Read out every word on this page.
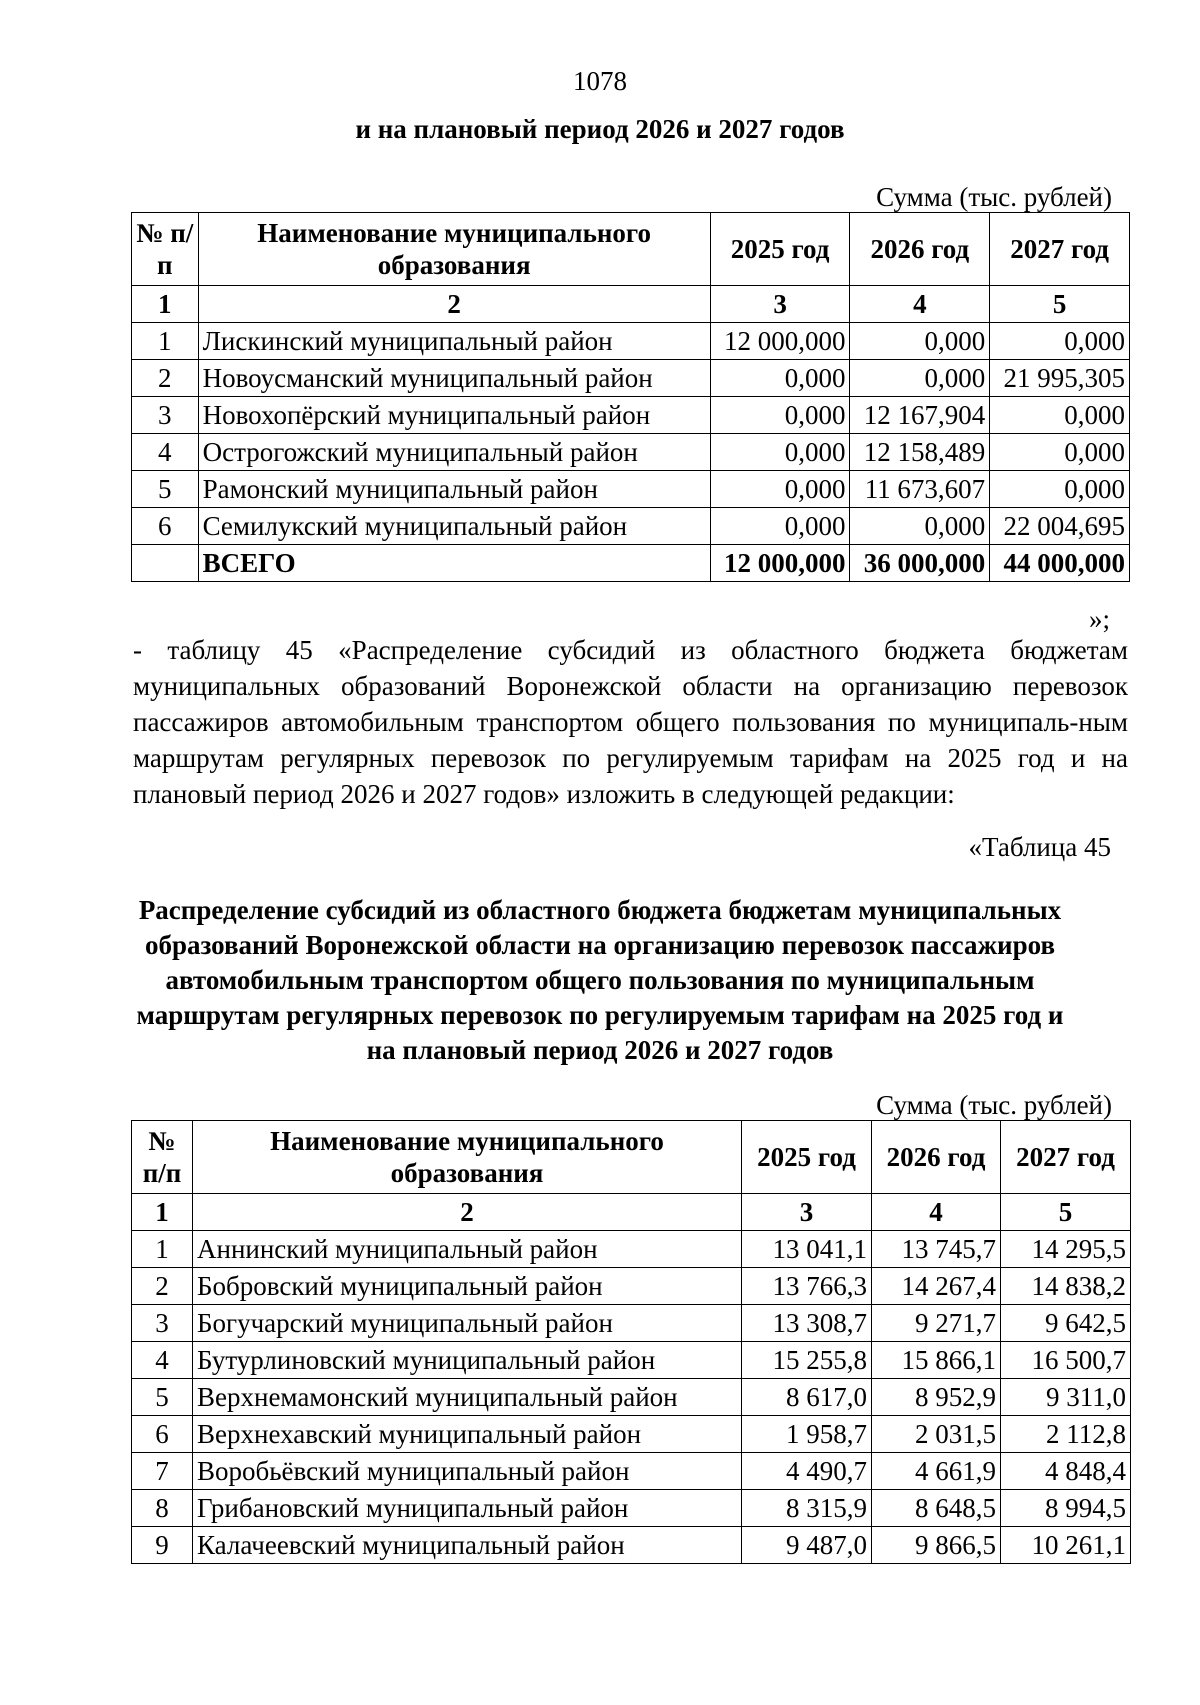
1078
и на плановый период 2026 и 2027 годов
Сумма (тыс. рублей)
№ п/п	Наименование муниципального образования	2025 год	2026 год	2027 год
1	2	3	4	5
1	Лискинский муниципальный район	12 000,000	0,000	0,000
2	Новоусманский муниципальный район	0,000	0,000	21 995,305
3	Новохопёрский муниципальный район	0,000	12 167,904	0,000
4	Острогожский муниципальный район	0,000	12 158,489	0,000
5	Рамонский муниципальный район	0,000	11 673,607	0,000
6	Семилукский муниципальный район	0,000	0,000	22 004,695
	ВСЕГО	12 000,000	36 000,000	44 000,000
»;
- таблицу 45 «Распределение субсидий из областного бюджета бюджетам муниципальных образований Воронежской области на организацию перевозок пассажиров автомобильным транспортом общего пользования по муниципаль-ным маршрутам регулярных перевозок по регулируемым тарифам на 2025 год и на плановый период 2026 и 2027 годов» изложить в следующей редакции:
«Таблица 45
Распределение субсидий из областного бюджета бюджетам муниципальных образований Воронежской области на организацию перевозок пассажиров автомобильным транспортом общего пользования по муниципальным маршрутам регулярных перевозок по регулируемым тарифам на 2025 год и на плановый период 2026 и 2027 годов
Сумма (тыс. рублей)
№ п/п	Наименование муниципального образования	2025 год	2026 год	2027 год
1	2	3	4	5
1	Аннинский муниципальный район	13 041,1	13 745,7	14 295,5
2	Бобровский муниципальный район	13 766,3	14 267,4	14 838,2
3	Богучарский муниципальный район	13 308,7	9 271,7	9 642,5
4	Бутурлиновский муниципальный район	15 255,8	15 866,1	16 500,7
5	Верхнемамонский муниципальный район	8 617,0	8 952,9	9 311,0
6	Верхнехавский муниципальный район	1 958,7	2 031,5	2 112,8
7	Воробьёвский муниципальный район	4 490,7	4 661,9	4 848,4
8	Грибановский муниципальный район	8 315,9	8 648,5	8 994,5
9	Калачеевский муниципальный район	9 487,0	9 866,5	10 261,1
